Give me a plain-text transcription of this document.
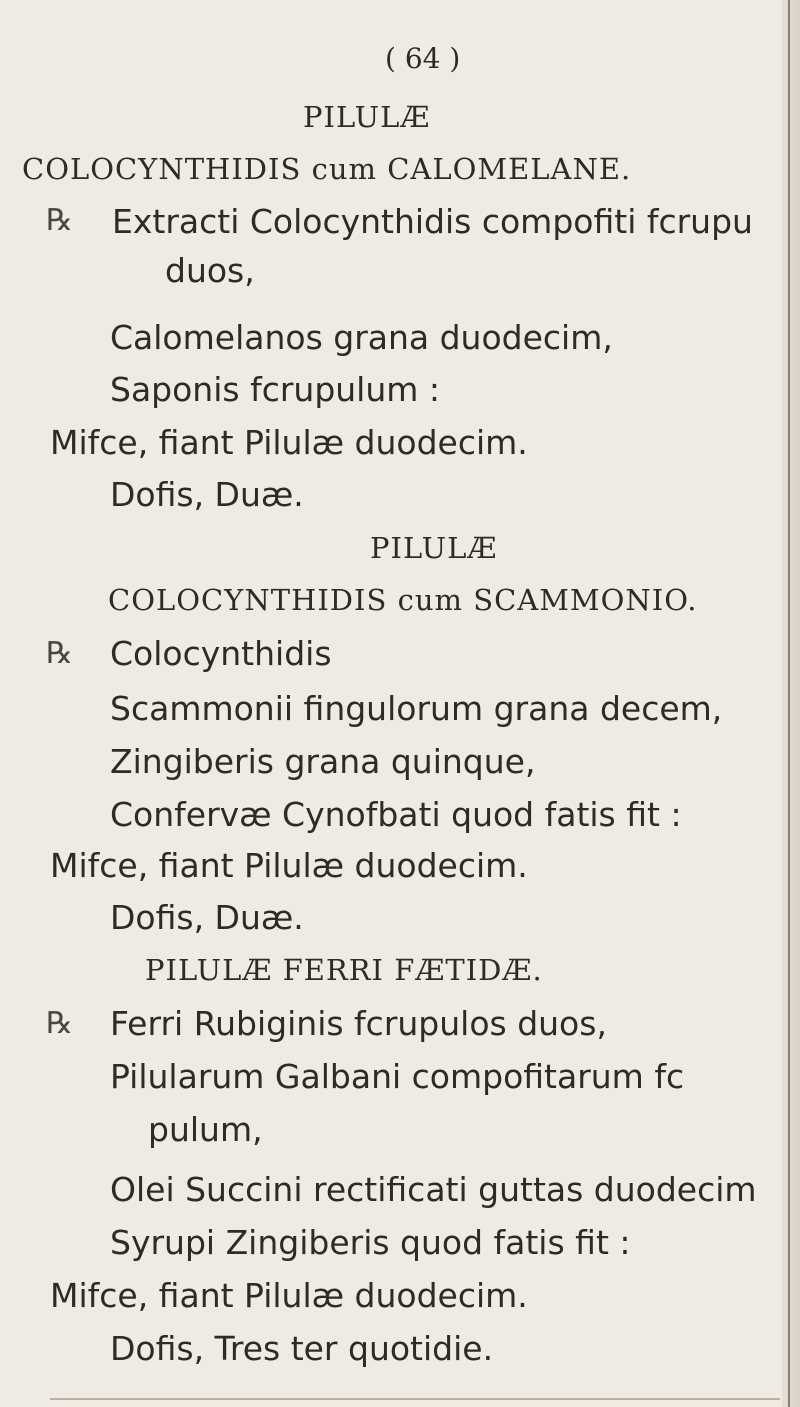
( 64 )
PILULÆ
COLOCYNTHIDIS cum CALOMELANE.
℞ Extracti Colocynthidis compofiti fcrupu
duos,
Calomelanos grana duodecim,
Saponis fcrupulum :
Mifce, fiant Pilulæ duodecim.
Dofis, Duæ.
PILULÆ
COLOCYNTHIDIS cum SCAMMONIO.
℞ Colocynthidis
Scammonii fingulorum grana decem,
Zingiberis grana quinque,
Confervæ Cynofbati quod fatis fit :
Mifce, fiant Pilulæ duodecim.
Dofis, Duæ.
PILULÆ FERRI FÆTIDÆ.
℞ Ferri Rubiginis fcrupulos duos,
Pilularum Galbani compofitarum fc
pulum,
Olei Succini rectificati guttas duodecim
Syrupi Zingiberis quod fatis fit :
Mifce, fiant Pilulæ duodecim.
Dofis, Tres ter quotidie.
